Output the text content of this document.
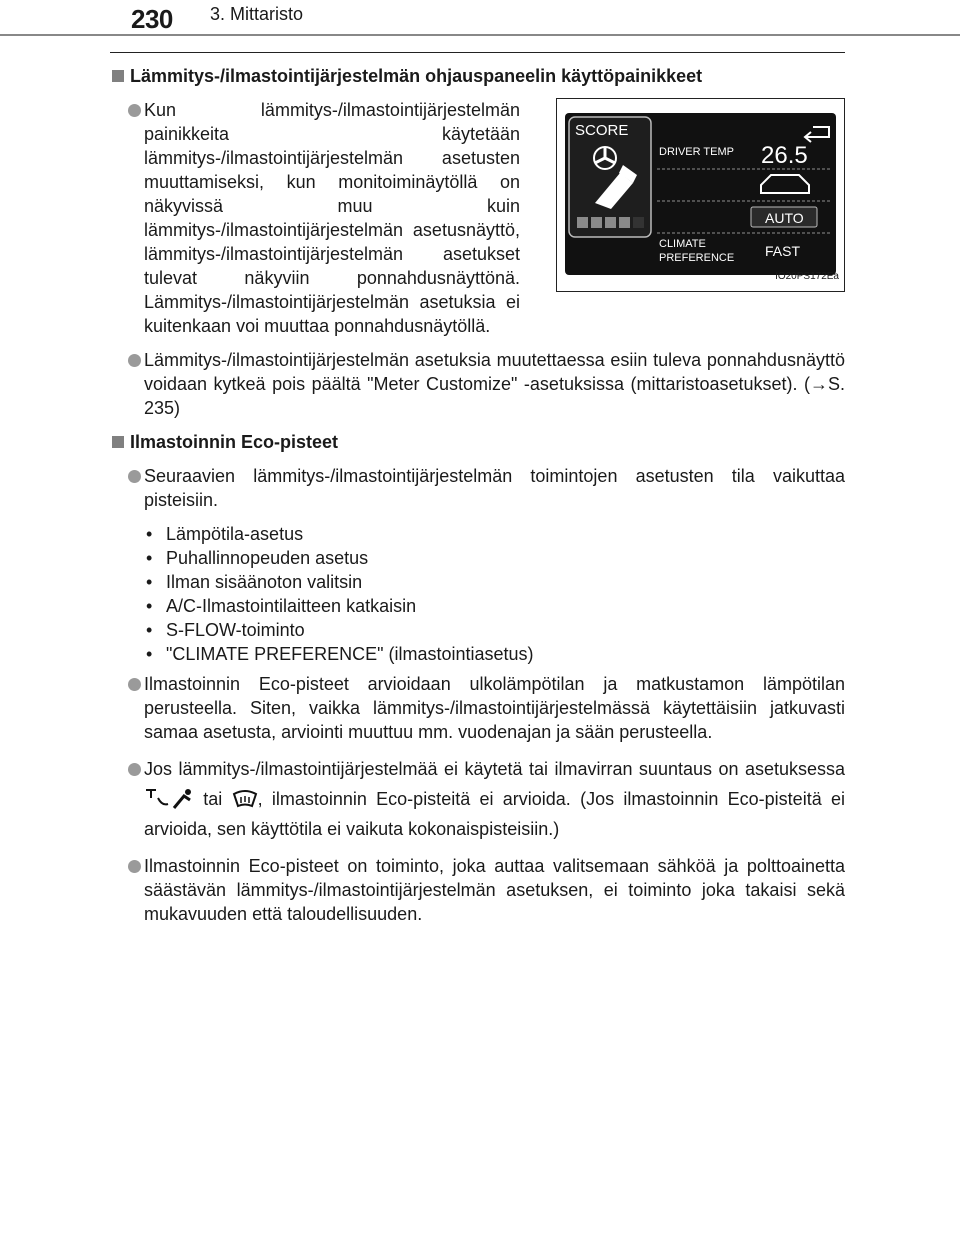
230 3. Mittaristo
Lämmitys-/ilmastointijärjestelmän ohjauspaneelin käyttöpainikkeet
Kun lämmitys-/ilmastointijärjestelmän painikkeita käytetään lämmitys-/ilmastointijärjestelmän asetusten muuttamiseksi, kun monitoiminäytöllä on näkyvissä muu kuin lämmitys-/ilmastointijärjestelmän asetusnäyttö, lämmitys-/ilmastointijärjestelmän asetukset tulevat näkyviin ponnahdusnäyttönä. Lämmitys-/ilmastointijärjestelmän asetuksia ei kuitenkaan voi muuttaa ponnahdusnäytöllä.
SCORE
DRIVER TEMP 26.5
AUTO
CLIMATE
PREFERENCE FAST
IO20PS172Ea
Lämmitys-/ilmastointijärjestelmän asetuksia muutettaessa esiin tuleva ponnahdusnäyttö voidaan kytkeä pois päältä "Meter Customize" -asetuksissa (mittaristoasetukset). (→S. 235)
Ilmastoinnin Eco-pisteet
Seuraavien lämmitys-/ilmastointijärjestelmän toimintojen asetusten tila vaikuttaa pisteisiin.
• Lämpötila-asetus
• Puhallinnopeuden asetus
• Ilman sisäänoton valitsin
• A/C-Ilmastointilaitteen katkaisin
• S-FLOW-toiminto
• "CLIMATE PREFERENCE" (ilmastointiasetus)
Ilmastoinnin Eco-pisteet arvioidaan ulkolämpötilan ja matkustamon lämpötilan perusteella. Siten, vaikka lämmitys-/ilmastointijärjestelmässä käytettäisiin jatkuvasti samaa asetusta, arviointi muuttuu mm. vuodenajan ja sään perusteella.
Jos lämmitys-/ilmastointijärjestelmää ei käytetä tai ilmavirran suuntaus on asetuksessa  tai , ilmastoinnin Eco-pisteitä ei arvioida. (Jos ilmastoinnin Eco-pisteitä ei arvioida, sen käyttötila ei vaikuta kokonaispisteisiin.)
Ilmastoinnin Eco-pisteet on toiminto, joka auttaa valitsemaan sähköä ja polttoainetta säästävän lämmitys-/ilmastointijärjestelmän asetuksen, ei toiminto joka takaisi sekä mukavuuden että taloudellisuuden.
